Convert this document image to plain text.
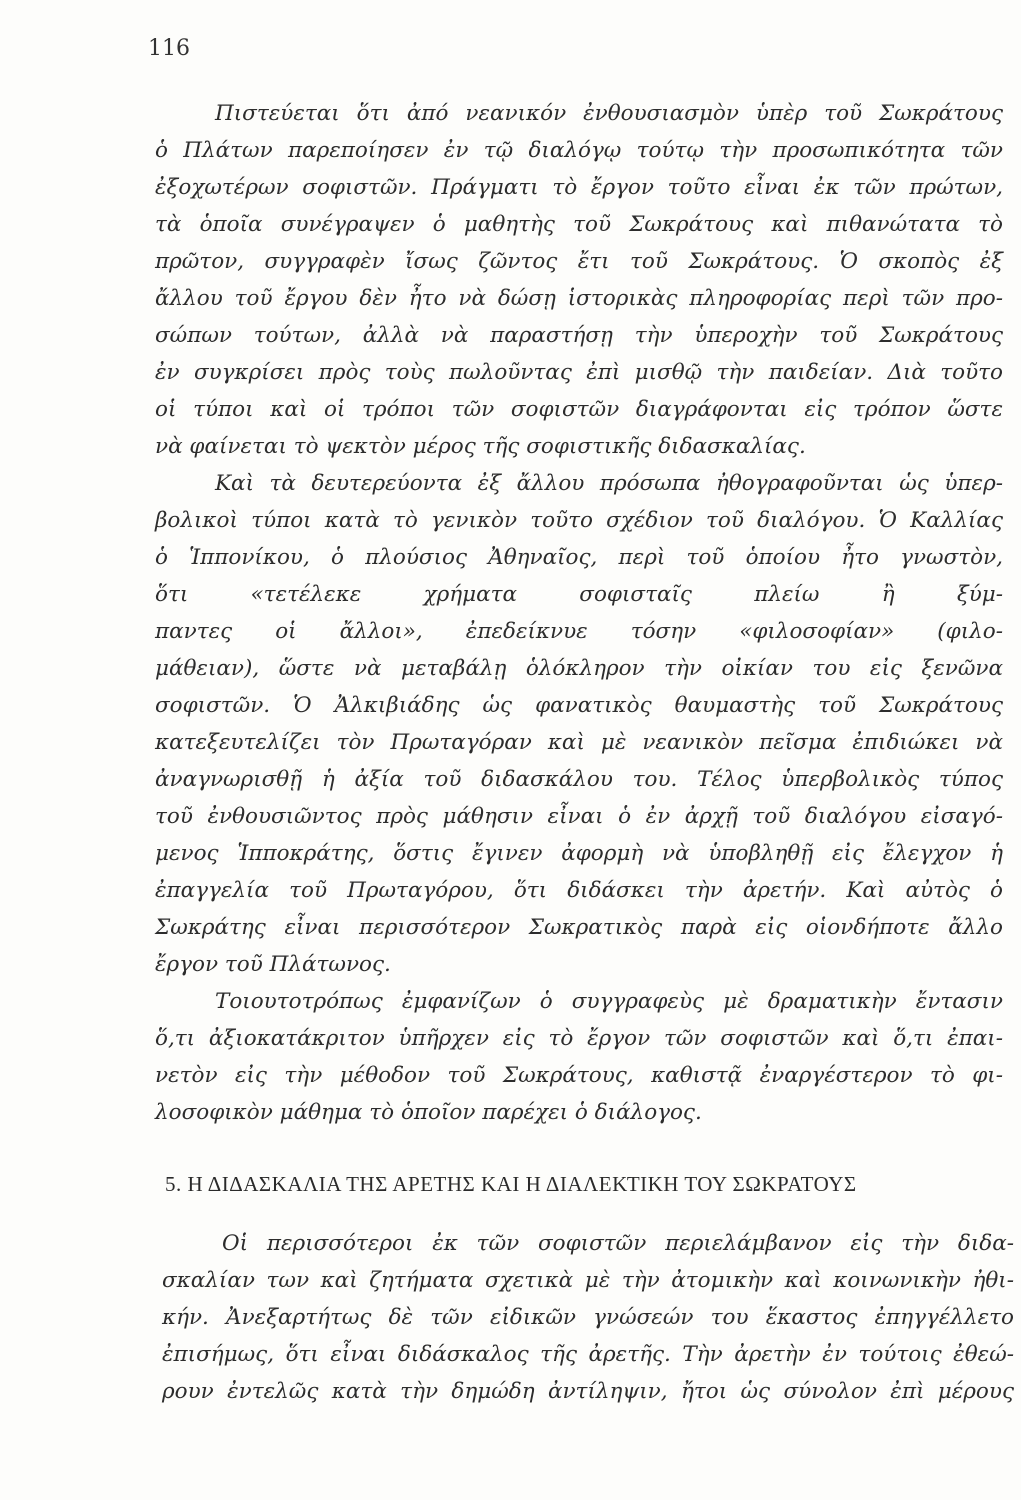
116
Πιστεύεται ὅτι ἀπό νεανικόν ἐνθουσιασμὸν ὑπὲρ τοῦ Σωκράτους
ὁ Πλάτων παρεποίησεν ἐν τῷ διαλόγῳ τούτῳ τὴν προσωπικότητα τῶν
ἐξοχωτέρων σοφιστῶν. Πράγματι τὸ ἔργον τοῦτο εἶναι ἐκ τῶν πρώτων,
τὰ ὁποῖα συνέγραψεν ὁ μαθητὴς τοῦ Σωκράτους καὶ πιθανώτατα τὸ
πρῶτον, συγγραφὲν ἴσως ζῶντος ἔτι τοῦ Σωκράτους. Ὁ σκοπὸς ἐξ
ἄλλου τοῦ ἔργου δὲν ἦτο νὰ δώσῃ ἱστορικὰς πληροφορίας περὶ τῶν προ-
σώπων τούτων, ἀλλὰ νὰ παραστήσῃ τὴν ὑπεροχὴν τοῦ Σωκράτους
ἐν συγκρίσει πρὸς τοὺς πωλοῦντας ἐπὶ μισθῷ τὴν παιδείαν. Διὰ τοῦτο
οἱ τύποι καὶ οἱ τρόποι τῶν σοφιστῶν διαγράφονται εἰς τρόπον ὥστε
νὰ φαίνεται τὸ ψεκτὸν μέρος τῆς σοφιστικῆς διδασκαλίας.
Καὶ τὰ δευτερεύοντα ἐξ ἄλλου πρόσωπα ἠθογραφοῦνται ὡς ὑπερ-
βολικοὶ τύποι κατὰ τὸ γενικὸν τοῦτο σχέδιον τοῦ διαλόγου. Ὁ Καλλίας
ὁ Ἱππονίκου, ὁ πλούσιος Ἀθηναῖος, περὶ τοῦ ὁποίου ἦτο γνωστὸν,
ὅτι «τετέλεκε χρήματα σοφισταῖς πλείω ἢ ξύμ-
παντες οἱ ἄλλοι», ἐπεδείκνυε τόσην «φιλοσοφίαν» (φιλο-
μάθειαν), ὥστε νὰ μεταβάλῃ ὁλόκληρον τὴν οἰκίαν του εἰς ξενῶνα
σοφιστῶν. Ὁ Ἀλκιβιάδης ὡς φανατικὸς θαυμαστὴς τοῦ Σωκράτους
κατεξευτελίζει τὸν Πρωταγόραν καὶ μὲ νεανικὸν πεῖσμα ἐπιδιώκει νὰ
ἀναγνωρισθῇ ἡ ἀξία τοῦ διδασκάλου του. Τέλος ὑπερβολικὸς τύπος
τοῦ ἐνθουσιῶντος πρὸς μάθησιν εἶναι ὁ ἐν ἀρχῇ τοῦ διαλόγου εἰσαγό-
μενος Ἱπποκράτης, ὅστις ἔγινεν ἀφορμὴ νὰ ὑποβληθῇ εἰς ἔλεγχον ἡ
ἐπαγγελία τοῦ Πρωταγόρου, ὅτι διδάσκει τὴν ἀρετήν. Καὶ αὐτὸς ὁ
Σωκράτης εἶναι περισσότερον Σωκρατικὸς παρὰ εἰς οἱονδήποτε ἄλλο
ἔργον τοῦ Πλάτωνος.
Τοιουτοτρόπως ἐμφανίζων ὁ συγγραφεὺς μὲ δραματικὴν ἔντασιν
ὅ,τι ἀξιοκατάκριτον ὑπῆρχεν εἰς τὸ ἔργον τῶν σοφιστῶν καὶ ὅ,τι ἐπαι-
νετὸν εἰς τὴν μέθοδον τοῦ Σωκράτους, καθιστᾷ ἐναργέστερον τὸ φι-
λοσοφικὸν μάθημα τὸ ὁποῖον παρέχει ὁ διάλογος.
5. Η ΔΙΔΑΣΚΑΛΙΑ ΤΗΣ ΑΡΕΤΗΣ ΚΑΙ Η ΔΙΑΛΕΚΤΙΚΗ ΤΟΥ ΣΩΚΡΑΤΟΥΣ
Οἱ περισσότεροι ἐκ τῶν σοφιστῶν περιελάμβανον εἰς τὴν διδα-
σκαλίαν των καὶ ζητήματα σχετικὰ μὲ τὴν ἀτομικὴν καὶ κοινωνικὴν ἠθι-
κήν. Ἀνεξαρτήτως δὲ τῶν εἰδικῶν γνώσεών του ἕκαστος ἐπηγγέλλετο
ἐπισήμως, ὅτι εἶναι διδάσκαλος τῆς ἀρετῆς. Τὴν ἀρετὴν ἐν τούτοις ἐθεώ-
ρουν ἐντελῶς κατὰ τὴν δημώδη ἀντίληψιν, ἤτοι ὡς σύνολον ἐπὶ μέρους
